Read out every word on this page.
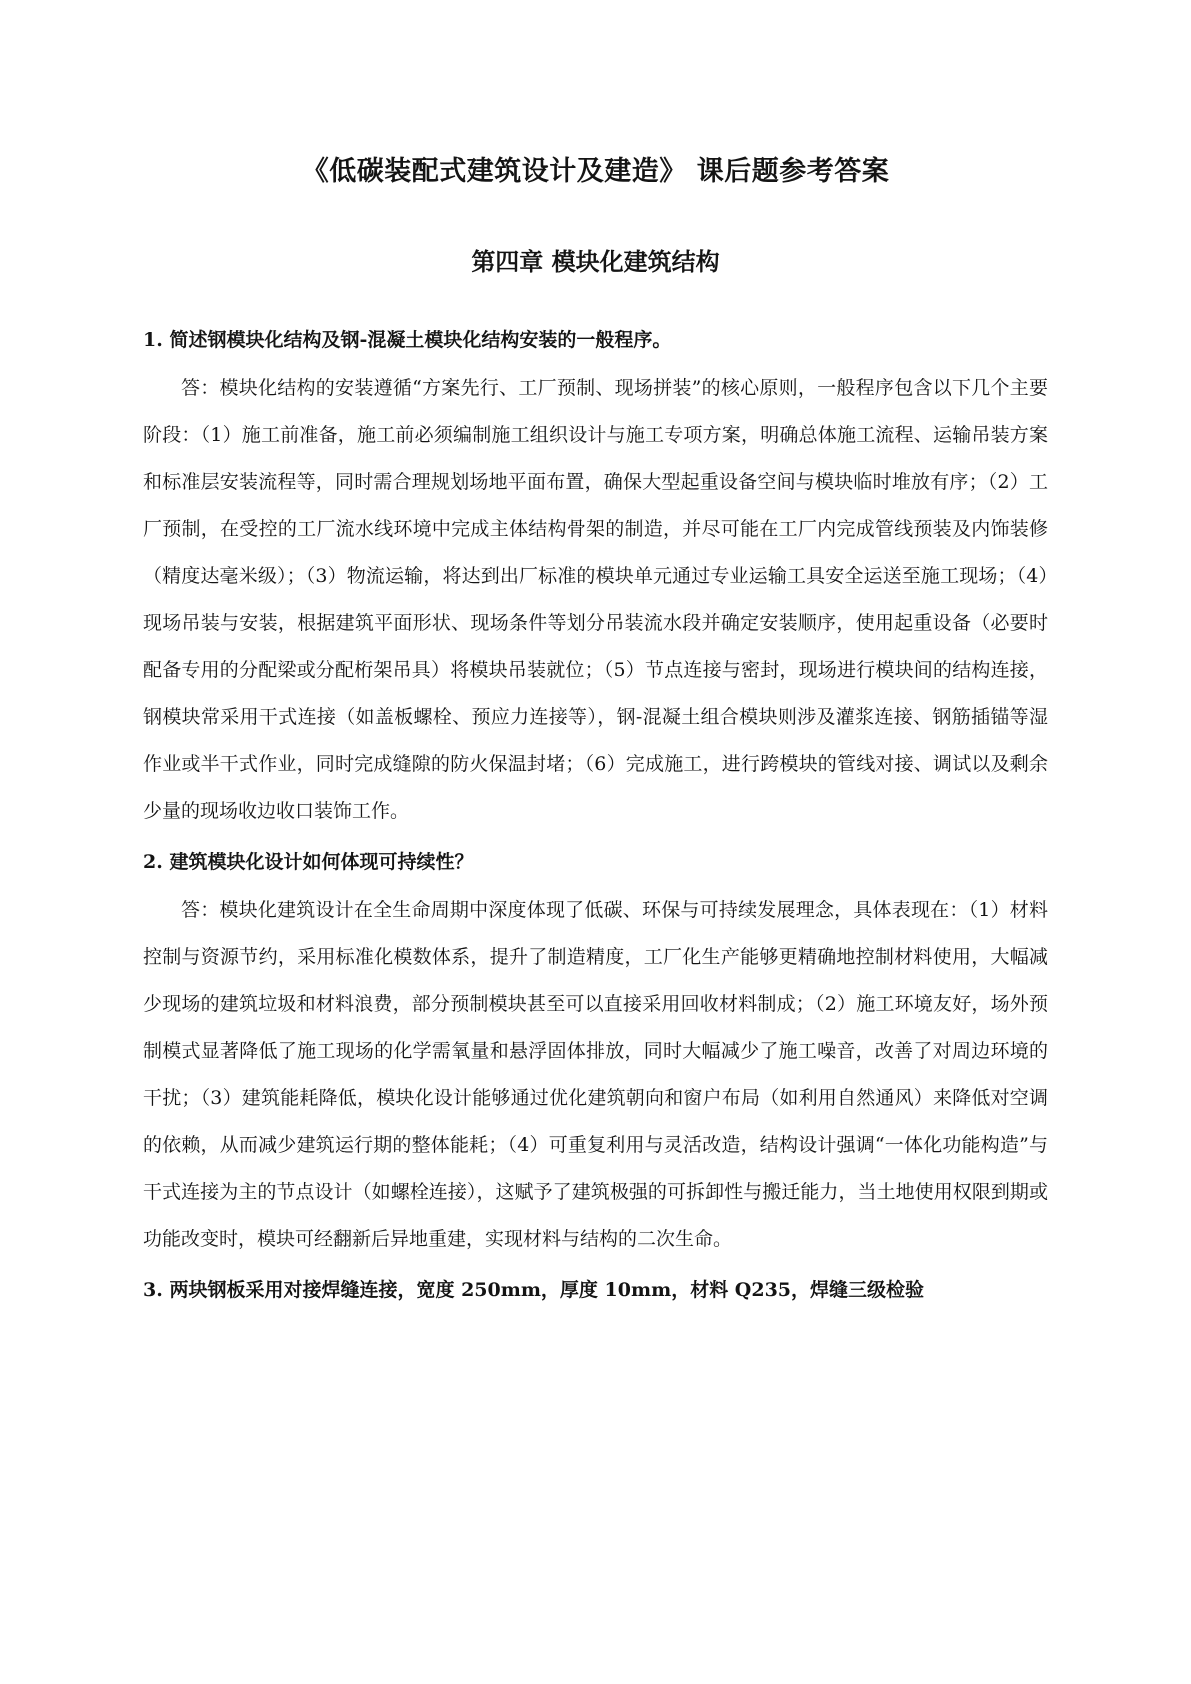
《低碳装配式建筑设计及建造》 课后题参考答案
第四章 模块化建筑结构

1. 简述钢模块化结构及钢-混凝土模块化结构安装的一般程序。

答：模块化结构的安装遵循“方案先行、工厂预制、现场拼装”的核心原则，一般程序包含以下几个主要阶段：（1）施工前准备，施工前必须编制施工组织设计与施工专项方案，明确总体施工流程、运输吊装方案和标准层安装流程等，同时需合理规划场地平面布置，确保大型起重设备空间与模块临时堆放有序；（2）工厂预制，在受控的工厂流水线环境中完成主体结构骨架的制造，并尽可能在工厂内完成管线预装及内饰装修（精度达毫米级）；（3）物流运输，将达到出厂标准的模块单元通过专业运输工具安全运送至施工现场；（4）现场吊装与安装，根据建筑平面形状、现场条件等划分吊装流水段并确定安装顺序，使用起重设备（必要时配备专用的分配梁或分配桁架吊具）将模块吊装就位；（5）节点连接与密封，现场进行模块间的结构连接，钢模块常采用干式连接（如盖板螺栓、预应力连接等），钢-混凝土组合模块则涉及灌浆连接、钢筋插锚等湿作业或半干式作业，同时完成缝隙的防火保温封堵；（6）完成施工，进行跨模块的管线对接、调试以及剩余少量的现场收边收口装饰工作。

2. 建筑模块化设计如何体现可持续性？

答：模块化建筑设计在全生命周期中深度体现了低碳、环保与可持续发展理念，具体表现在：（1）材料控制与资源节约，采用标准化模数体系，提升了制造精度，工厂化生产能够更精确地控制材料使用，大幅减少现场的建筑垃圾和材料浪费，部分预制模块甚至可以直接采用回收材料制成；（2）施工环境友好，场外预制模式显著降低了施工现场的化学需氧量和悬浮固体排放，同时大幅减少了施工噪音，改善了对周边环境的干扰；（3）建筑能耗降低，模块化设计能够通过优化建筑朝向和窗户布局（如利用自然通风）来降低对空调的依赖，从而减少建筑运行期的整体能耗；（4）可重复利用与灵活改造，结构设计强调“一体化功能构造”与干式连接为主的节点设计（如螺栓连接），这赋予了建筑极强的可拆卸性与搬迁能力，当土地使用权限到期或功能改变时，模块可经翻新后异地重建，实现材料与结构的二次生命。

3. 两块钢板采用对接焊缝连接，宽度 250mm，厚度 10mm，材料 Q235，焊缝三级检验
